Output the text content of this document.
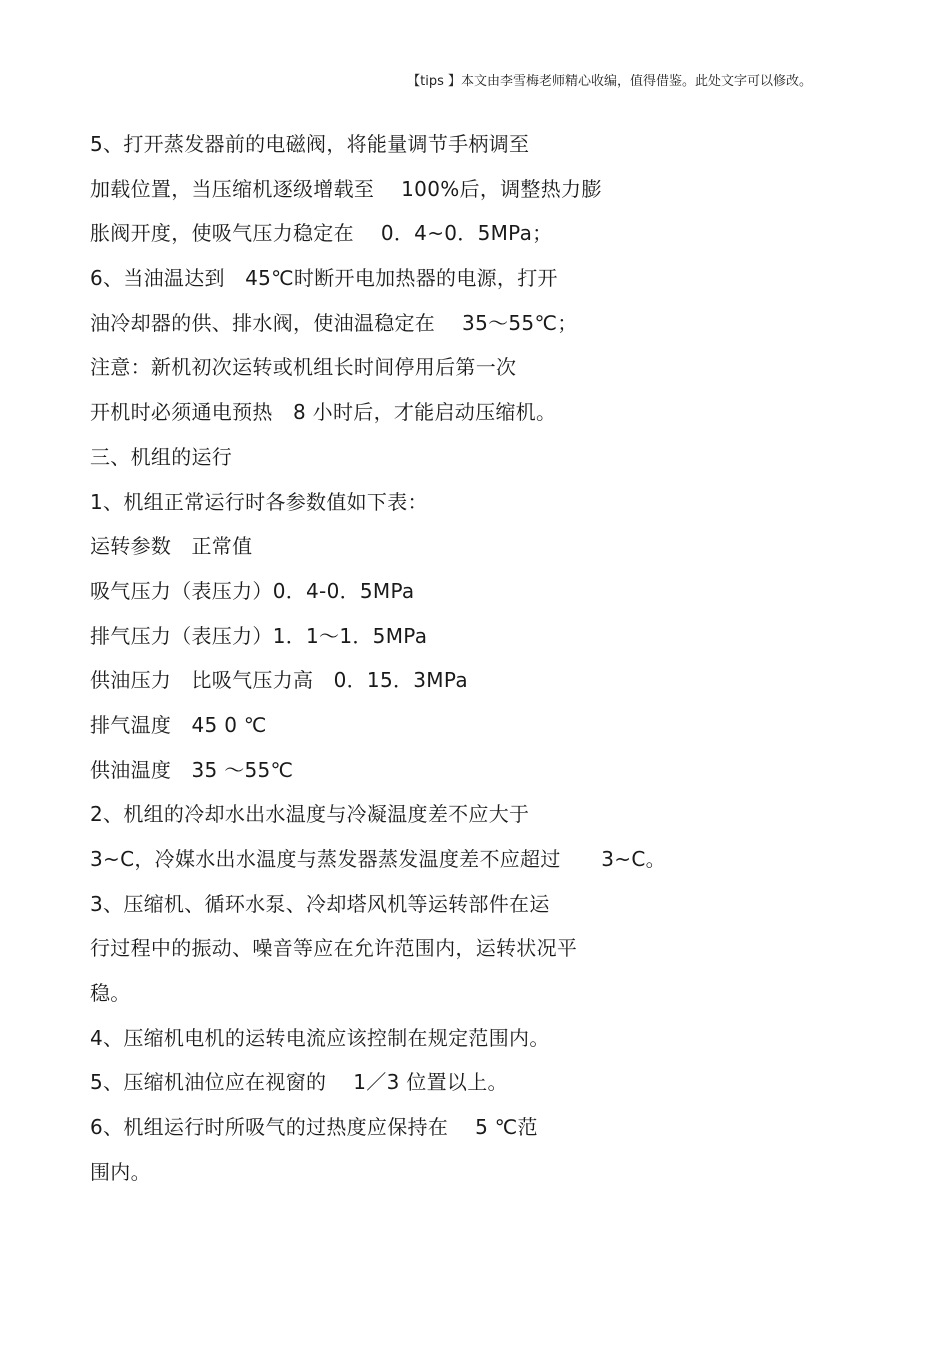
【tips 】本文由李雪梅老师精心收编，值得借鉴。此处文字可以修改。
5、打开蒸发器前的电磁阀，将能量调节手柄调至
加载位置，当压缩机逐级增载至　 100%后，调整热力膨
胀阀开度，使吸气压力稳定在　 0．4~0．5MPa；
6、当油温达到　45℃时断开电加热器的电源，打开
油冷却器的供、排水阀，使油温稳定在　 35～55℃；
注意：新机初次运转或机组长时间停用后第一次
开机时必须通电预热　8 小时后，才能启动压缩机。
三、机组的运行
1、机组正常运行时各参数值如下表：
运转参数　正常值
吸气压力（表压力）0．4-0．5MPa
排气压力（表压力）1．1～1．5MPa
供油压力　比吸气压力高　0．15．3MPa
排气温度　45 0 ℃
供油温度　35 ～55℃
2、机组的冷却水出水温度与冷凝温度差不应大于
3~C，冷媒水出水温度与蒸发器蒸发温度差不应超过　　3~C。
3、压缩机、循环水泵、冷却塔风机等运转部件在运
行过程中的振动、噪音等应在允许范围内，运转状况平
稳。
4、压缩机电机的运转电流应该控制在规定范围内。
5、压缩机油位应在视窗的　 1／3 位置以上。
6、机组运行时所吸气的过热度应保持在　 5 ℃范
围内。
